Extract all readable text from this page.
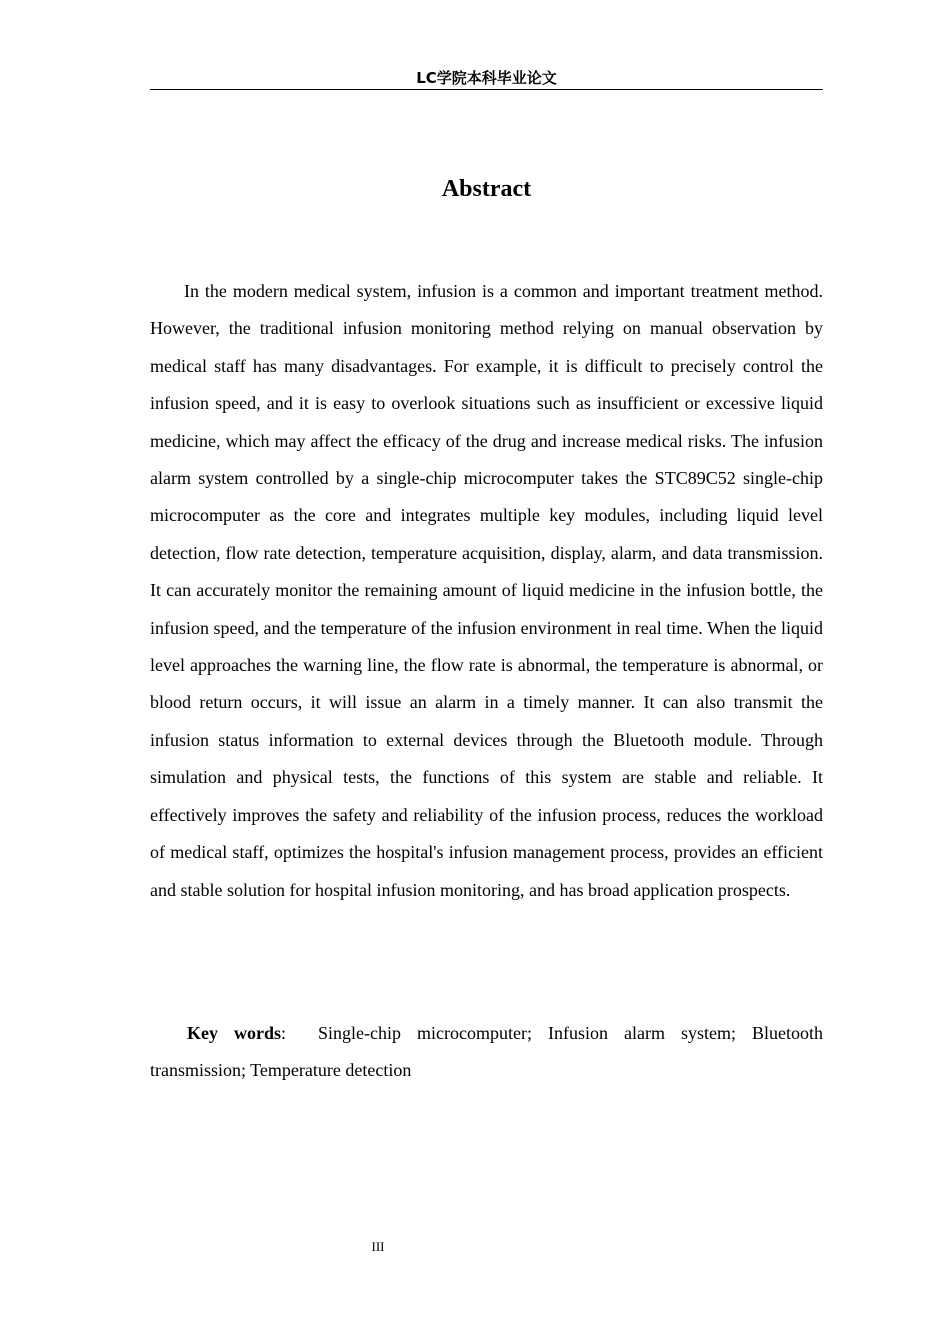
LC学院本科毕业论文
Abstract

In the modern medical system, infusion is a common and important treatment method. However, the traditional infusion monitoring method relying on manual observation by medical staff has many disadvantages. For example, it is difficult to precisely control the infusion speed, and it is easy to overlook situations such as insufficient or excessive liquid medicine, which may affect the efficacy of the drug and increase medical risks. The infusion alarm system controlled by a single-chip microcomputer takes the STC89C52 single-chip microcomputer as the core and integrates multiple key modules, including liquid level detection, flow rate detection, temperature acquisition, display, alarm, and data transmission. It can accurately monitor the remaining amount of liquid medicine in the infusion bottle, the infusion speed, and the temperature of the infusion environment in real time. When the liquid level approaches the warning line, the flow rate is abnormal, the temperature is abnormal, or blood return occurs, it will issue an alarm in a timely manner. It can also transmit the infusion status information to external devices through the Bluetooth module. Through simulation and physical tests, the functions of this system are stable and reliable. It effectively improves the safety and reliability of the infusion process, reduces the workload of medical staff, optimizes the hospital's infusion management process, provides an efficient and stable solution for hospital infusion monitoring, and has broad application prospects.

Key words: Single-chip microcomputer; Infusion alarm system; Bluetooth transmission; Temperature detection

III
